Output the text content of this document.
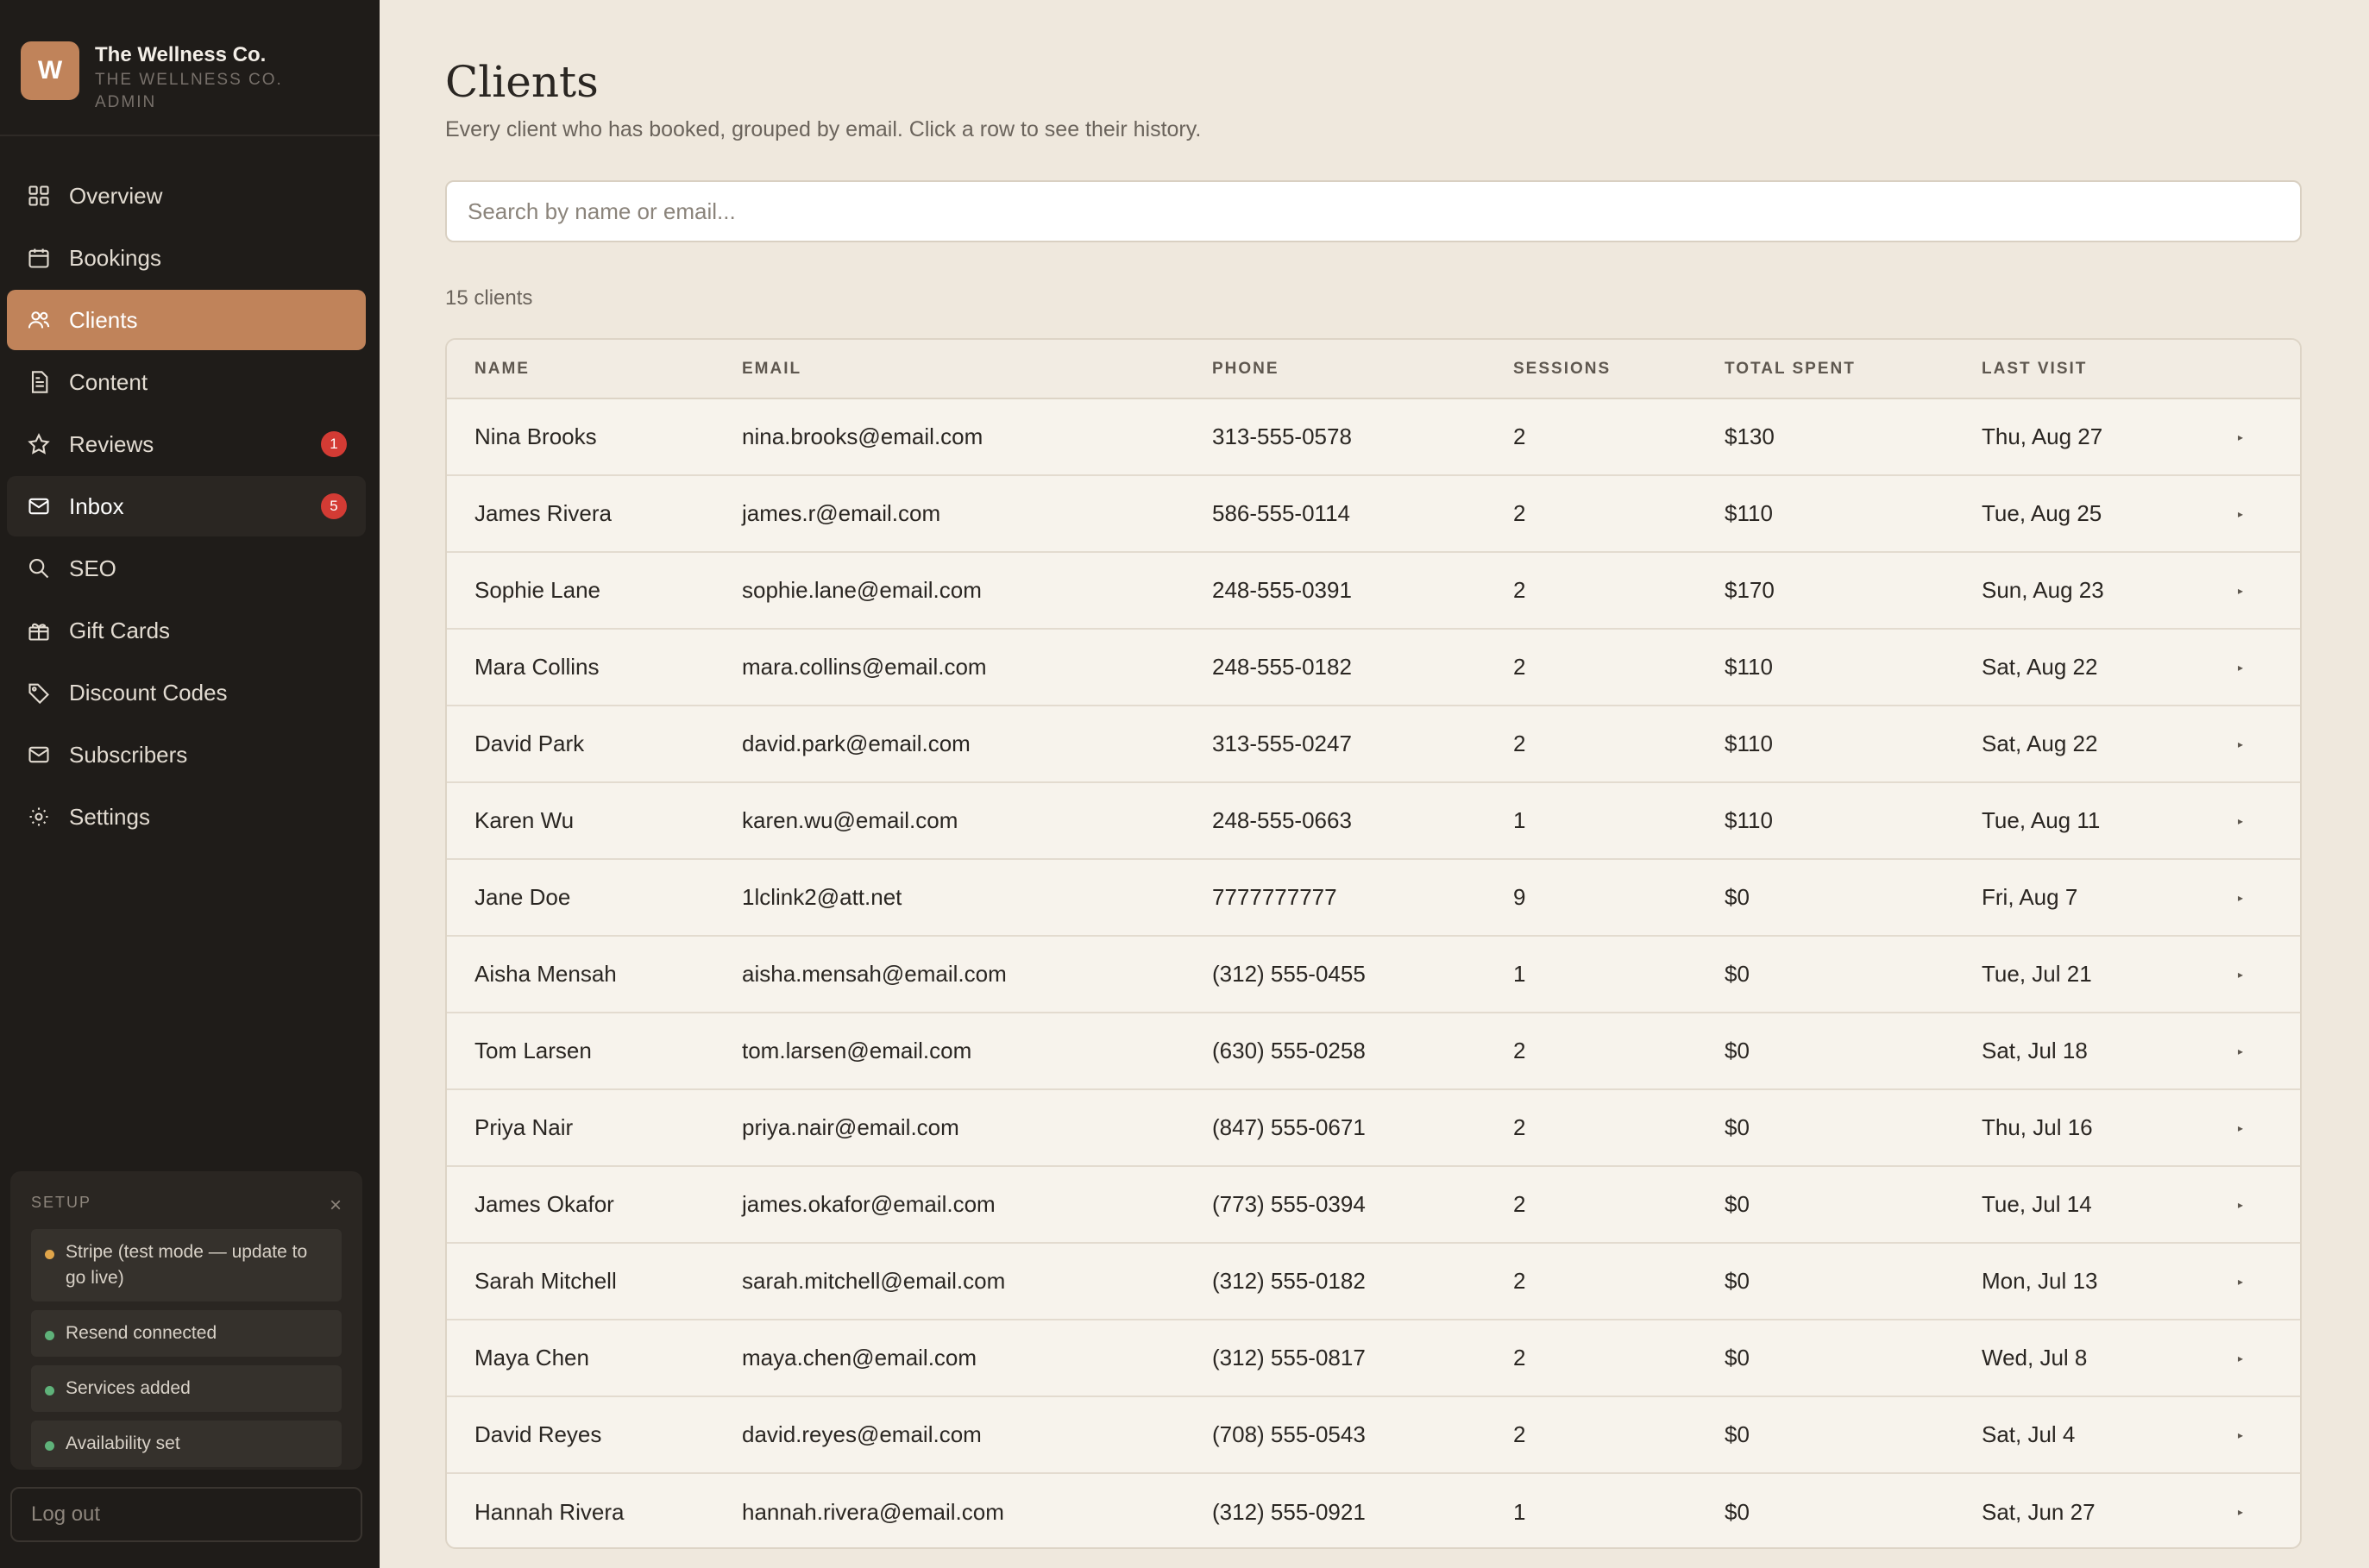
W
The Wellness Co.
THE WELLNESS CO.
ADMIN
Overview
Bookings
Clients
Content
Reviews	1
Inbox	5
SEO
Gift Cards
Discount Codes
Subscribers
Settings
SETUP	×
Stripe (test mode — update to go live)
Resend connected
Services added
Availability set
Log out
Clients

Every client who has booked, grouped by email. Click a row to see their history.

Search by name or email...
15 clients
NAME	EMAIL	PHONE	SESSIONS	TOTAL SPENT	LAST VISIT	
Nina Brooks	nina.brooks@email.com	313-555-0578	2	$130	Thu, Aug 27	▸
James Rivera	james.r@email.com	586-555-0114	2	$110	Tue, Aug 25	▸
Sophie Lane	sophie.lane@email.com	248-555-0391	2	$170	Sun, Aug 23	▸
Mara Collins	mara.collins@email.com	248-555-0182	2	$110	Sat, Aug 22	▸
David Park	david.park@email.com	313-555-0247	2	$110	Sat, Aug 22	▸
Karen Wu	karen.wu@email.com	248-555-0663	1	$110	Tue, Aug 11	▸
Jane Doe	1lclink2@att.net	7777777777	9	$0	Fri, Aug 7	▸
Aisha Mensah	aisha.mensah@email.com	(312) 555-0455	1	$0	Tue, Jul 21	▸
Tom Larsen	tom.larsen@email.com	(630) 555-0258	2	$0	Sat, Jul 18	▸
Priya Nair	priya.nair@email.com	(847) 555-0671	2	$0	Thu, Jul 16	▸
James Okafor	james.okafor@email.com	(773) 555-0394	2	$0	Tue, Jul 14	▸
Sarah Mitchell	sarah.mitchell@email.com	(312) 555-0182	2	$0	Mon, Jul 13	▸
Maya Chen	maya.chen@email.com	(312) 555-0817	2	$0	Wed, Jul 8	▸
David Reyes	david.reyes@email.com	(708) 555-0543	2	$0	Sat, Jul 4	▸
Hannah Rivera	hannah.rivera@email.com	(312) 555-0921	1	$0	Sat, Jun 27	▸
